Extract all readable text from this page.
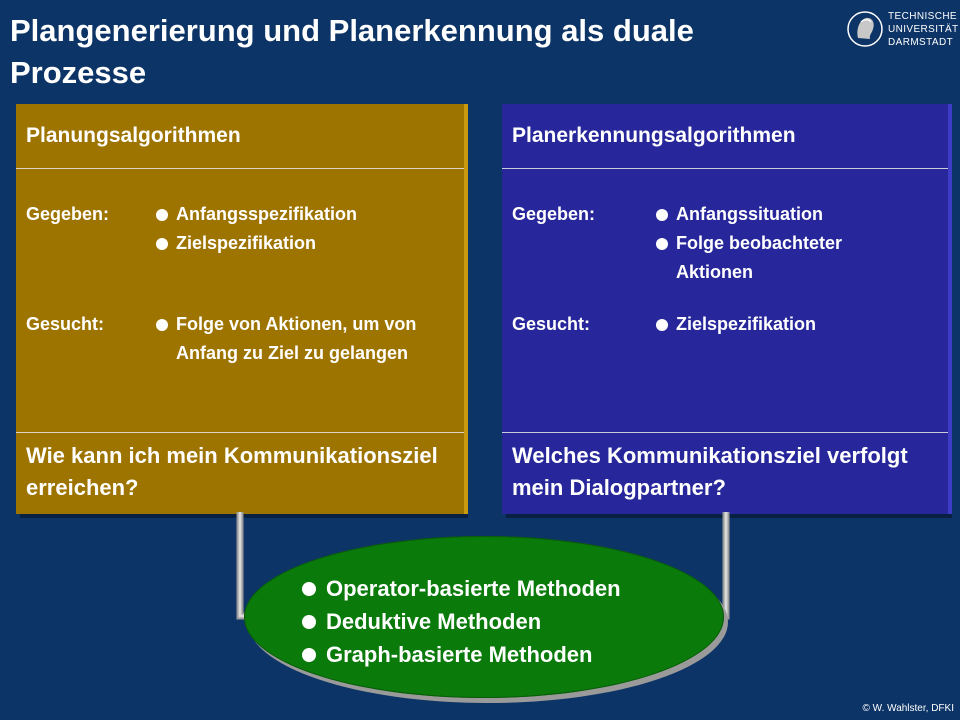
Plangenerierung und Planerkennung als duale Prozesse
TECHNISCHE
UNIVERSITÄT
DARMSTADT
Planungsalgorithmen
Gegeben:	Anfangsspezifikation
Zielspezifikation
Gesucht:	Folge von Aktionen, um von Anfang zu Ziel zu gelangen
Wie kann ich mein Kommunikationsziel erreichen?
Planerkennungsalgorithmen
Gegeben:	Anfangssituation
Folge beobachteter Aktionen
Gesucht:	Zielspezifikation
Welches Kommunikationsziel verfolgt mein Dialogpartner?
Operator-basierte Methoden
Deduktive Methoden
Graph-basierte Methoden
© W. Wahlster, DFKI
